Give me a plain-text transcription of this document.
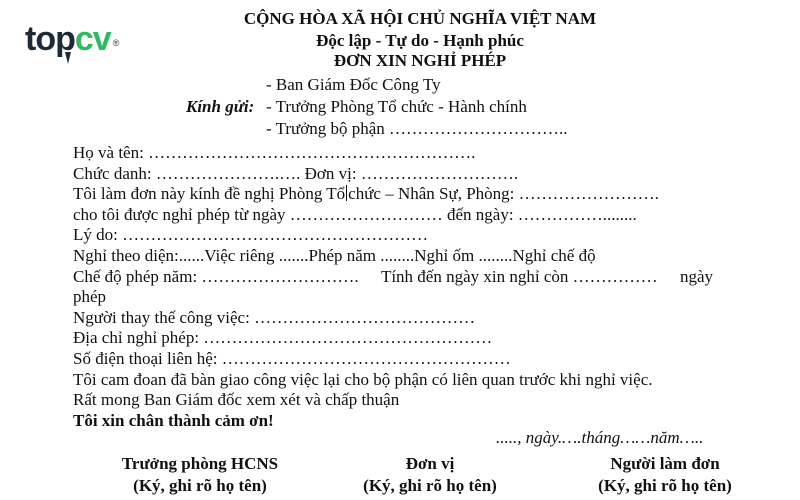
top cv ®
CỘNG HÒA XÃ HỘI CHỦ NGHĨA VIỆT NAM
Độc lập - Tự do - Hạnh phúc
ĐƠN XIN NGHỈ PHÉP
Kính gửi:
- Ban Giám Đốc Công Ty
- Trưởng Phòng Tổ chức - Hành chính
- Trưởng bộ phận …………………………..
Họ và tên: ………………………………………………….
Chức danh: ………………….…. Đơn vị: ……………………….
Tôi làm đơn này kính đề nghị Phòng Tổ chức – Nhân Sự, Phòng: …………………….
cho tôi được nghỉ phép từ ngày ……………………… đến ngày: ……………........
Lý do: ………………………………………………
Nghỉ theo diện:......Việc riêng .......Phép năm ........Nghỉ ốm ........Nghỉ chế độ
Chế độ phép năm: ………………………. Tính đến ngày xin nghỉ còn …………… ngày
phép
Người thay thế công việc: …………………………………
Địa chỉ nghỉ phép: ……………………………………………
Số điện thoại liên hệ: ……………………………………………
Tôi cam đoan đã bàn giao công việc lại cho bộ phận có liên quan trước khi nghỉ việc.
Rất mong Ban Giám đốc xem xét và chấp thuận
Tôi xin chân thành cảm ơn!
....., ngày.….tháng……năm…..
Trưởng phòng HCNS
(Ký, ghi rõ họ tên)
Đơn vị
(Ký, ghi rõ họ tên)
Người làm đơn
(Ký, ghi rõ họ tên)
